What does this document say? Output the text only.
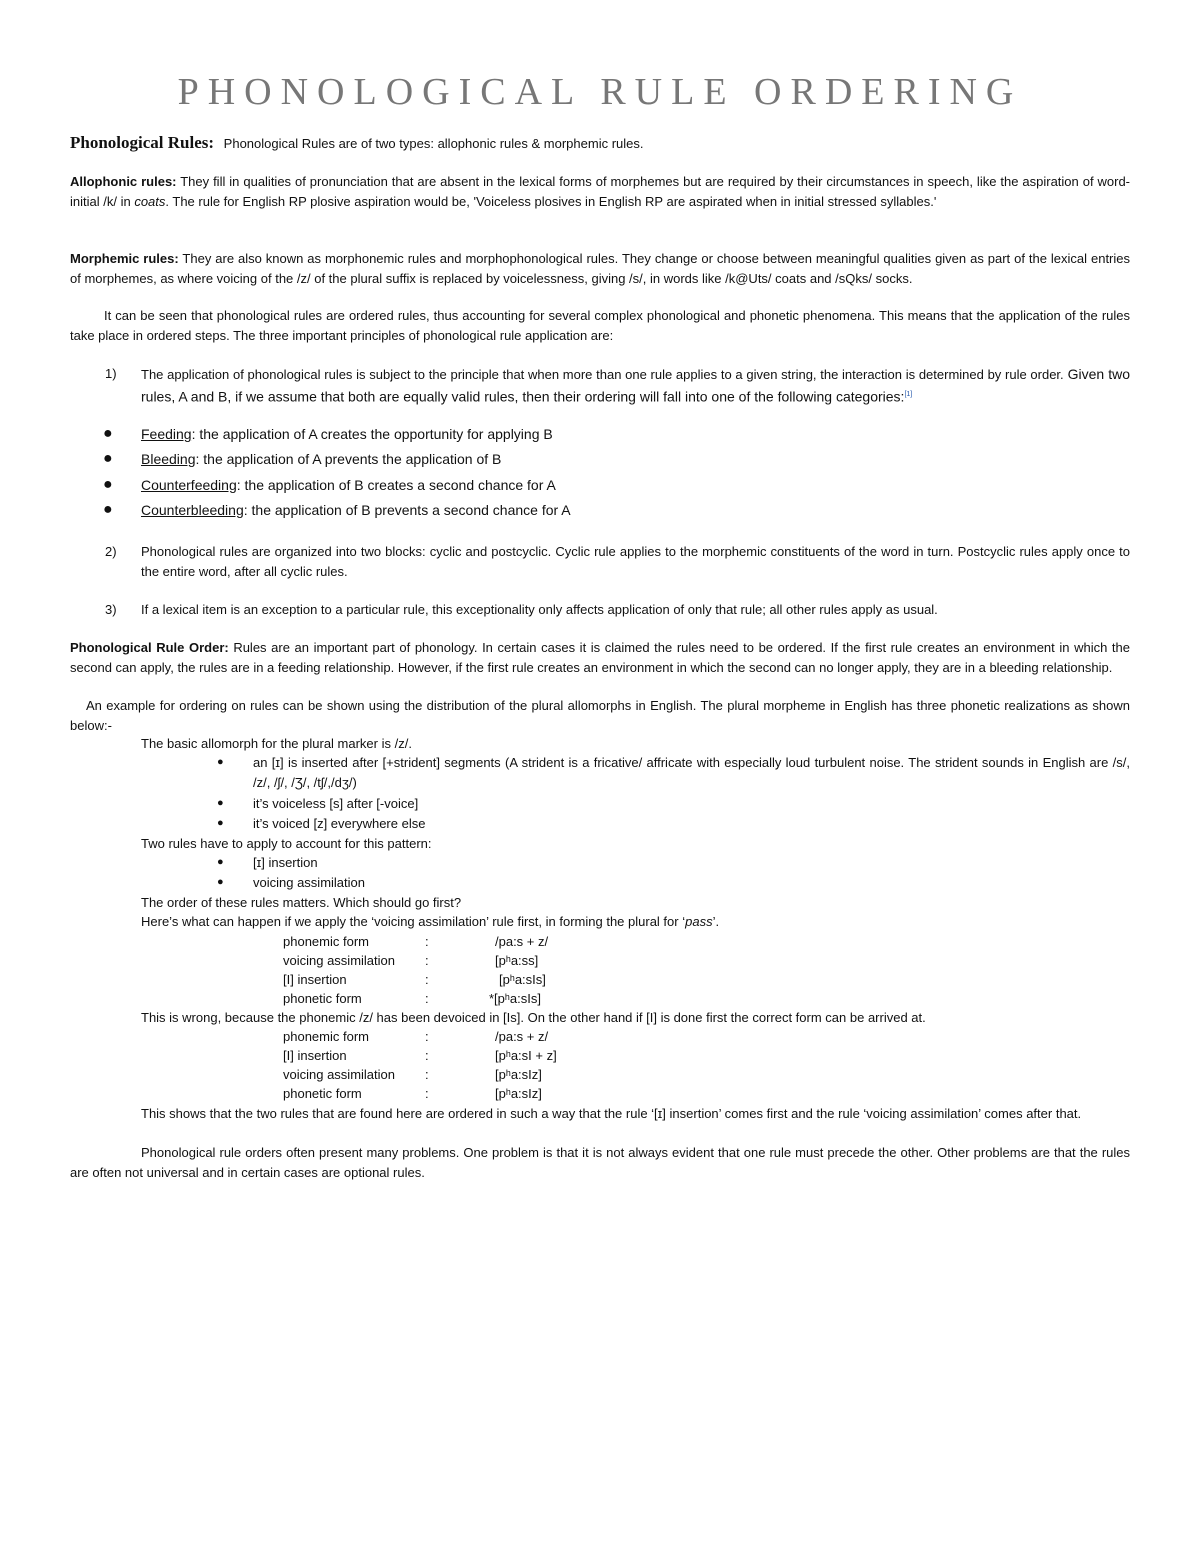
PHONOLOGICAL RULE ORDERING
Phonological Rules: Phonological Rules are of two types: allophonic rules & morphemic rules.
Allophonic rules: They fill in qualities of pronunciation that are absent in the lexical forms of morphemes but are required by their circumstances in speech, like the aspiration of word-initial /k/ in coats. The rule for English RP plosive aspiration would be, 'Voiceless plosives in English RP are aspirated when in initial stressed syllables.'
Morphemic rules: They are also known as morphonemic rules and morphophonological rules. They change or choose between meaningful qualities given as part of the lexical entries of morphemes, as where voicing of the /z/ of the plural suffix is replaced by voicelessness, giving /s/, in words like /k@Uts/ coats and /sQks/ socks.
It can be seen that phonological rules are ordered rules, thus accounting for several complex phonological and phonetic phenomena. This means that the application of the rules take place in ordered steps. The three important principles of phonological rule application are:
1) The application of phonological rules is subject to the principle that when more than one rule applies to a given string, the interaction is determined by rule order. Given two rules, A and B, if we assume that both are equally valid rules, then their ordering will fall into one of the following categories:[1]
● Feeding: the application of A creates the opportunity for applying B
● Bleeding: the application of A prevents the application of B
● Counterfeeding: the application of B creates a second chance for A
● Counterbleeding: the application of B prevents a second chance for A
2) Phonological rules are organized into two blocks: cyclic and postcyclic. Cyclic rule applies to the morphemic constituents of the word in turn. Postcyclic rules apply once to the entire word, after all cyclic rules.
3) If a lexical item is an exception to a particular rule, this exceptionality only affects application of only that rule; all other rules apply as usual.
Phonological Rule Order: Rules are an important part of phonology. In certain cases it is claimed the rules need to be ordered. If the first rule creates an environment in which the second can apply, the rules are in a feeding relationship. However, if the first rule creates an environment in which the second can no longer apply, they are in a bleeding relationship.
An example for ordering on rules can be shown using the distribution of the plural allomorphs in English. The plural morpheme in English has three phonetic realizations as shown below:-
The basic allomorph for the plural marker is /z/.
● an [ɪ] is inserted after [+strident] segments (A strident is a fricative/ affricate with especially loud turbulent noise. The strident sounds in English are /s/, /z/, /ʃ/, /Ʒ/, /tʃ/,/dʒ/)
● it’s voiceless [s] after [-voice]
● it’s voiced [z] everywhere else
Two rules have to apply to account for this pattern:
● [ɪ] insertion
● voicing assimilation
The order of these rules matters. Which should go first?
Here’s what can happen if we apply the ‘voicing assimilation’ rule first, in forming the plural for ‘pass’.
phonemic form	:	/pa:s + z/
voicing assimilation :	[pʰa:ss]
[I] insertion	:	[pʰa:sIs]
phonetic form	:	*[pʰa:sIs]
This is wrong, because the phonemic /z/ has been devoiced in [Is]. On the other hand if [I] is done first the correct form can be arrived at.
phonemic form	:	/pa:s + z/
[I] insertion	:	[pʰa:sI + z]
voicing assimilation :	[pʰa:sIz]
phonetic form	:	[pʰa:sIz]
This shows that the two rules that are found here are ordered in such a way that the rule ‘[ɪ] insertion’ comes first and the rule ‘voicing assimilation’ comes after that.
Phonological rule orders often present many problems. One problem is that it is not always evident that one rule must precede the other. Other problems are that the rules are often not universal and in certain cases are optional rules.
